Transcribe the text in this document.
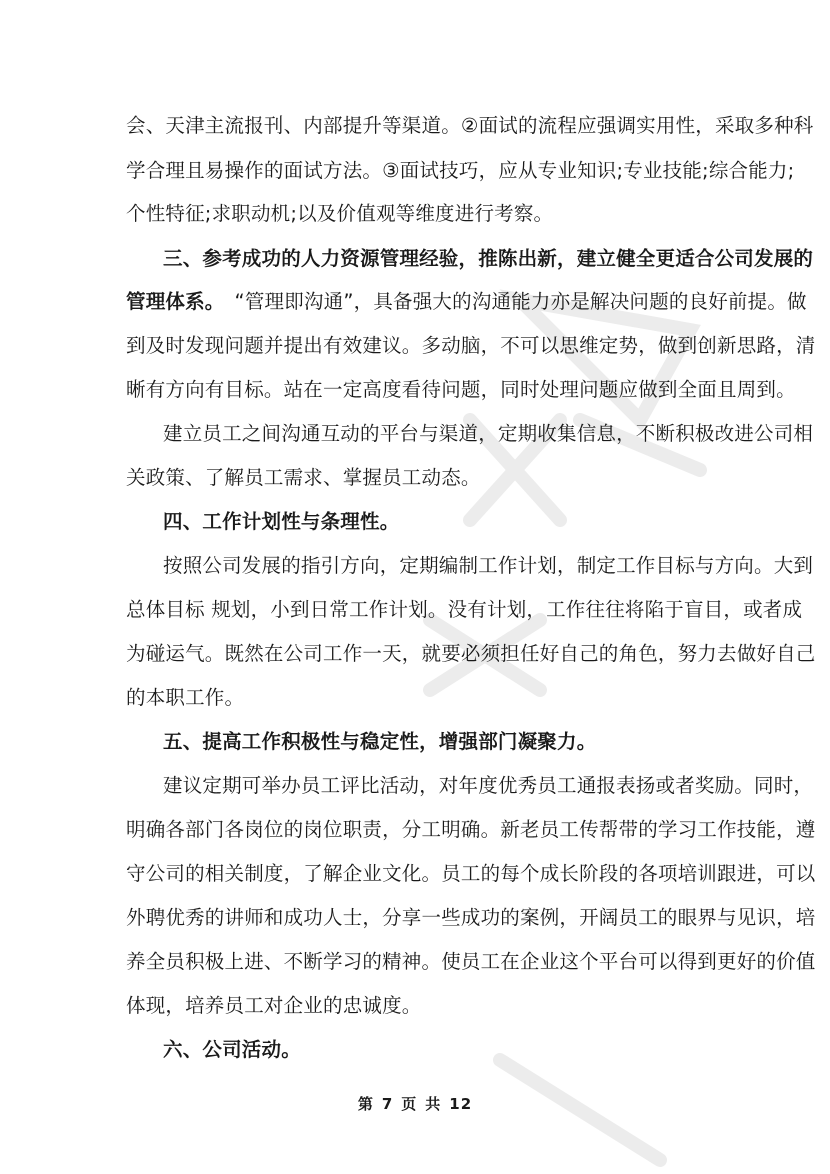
会、天津主流报刊、内部提升等渠道。②面试的流程应强调实用性，采取多种科
学合理且易操作的面试方法。③面试技巧，应从专业知识;专业技能;综合能力;
个性特征;求职动机;以及价值观等维度进行考察。
三、参考成功的人力资源管理经验，推陈出新，建立健全更适合公司发展的
管理体系。 “管理即沟通”，具备强大的沟通能力亦是解决问题的良好前提。做
到及时发现问题并提出有效建议。多动脑，不可以思维定势，做到创新思路，清
晰有方向有目标。站在一定高度看待问题，同时处理问题应做到全面且周到。
建立员工之间沟通互动的平台与渠道，定期收集信息，不断积极改进公司相
关政策、了解员工需求、掌握员工动态。
四、工作计划性与条理性。
按照公司发展的指引方向，定期编制工作计划，制定工作目标与方向。大到
总体目标 规划，小到日常工作计划。没有计划，工作往往将陷于盲目，或者成
为碰运气。既然在公司工作一天，就要必须担任好自己的角色，努力去做好自己
的本职工作。
五、提高工作积极性与稳定性，增强部门凝聚力。
建议定期可举办员工评比活动，对年度优秀员工通报表扬或者奖励。同时，
明确各部门各岗位的岗位职责，分工明确。新老员工传帮带的学习工作技能，遵
守公司的相关制度，了解企业文化。员工的每个成长阶段的各项培训跟进，可以
外聘优秀的讲师和成功人士，分享一些成功的案例，开阔员工的眼界与见识，培
养全员积极上进、不断学习的精神。使员工在企业这个平台可以得到更好的价值
体现，培养员工对企业的忠诚度。
六、公司活动。
第 7 页 共 12
